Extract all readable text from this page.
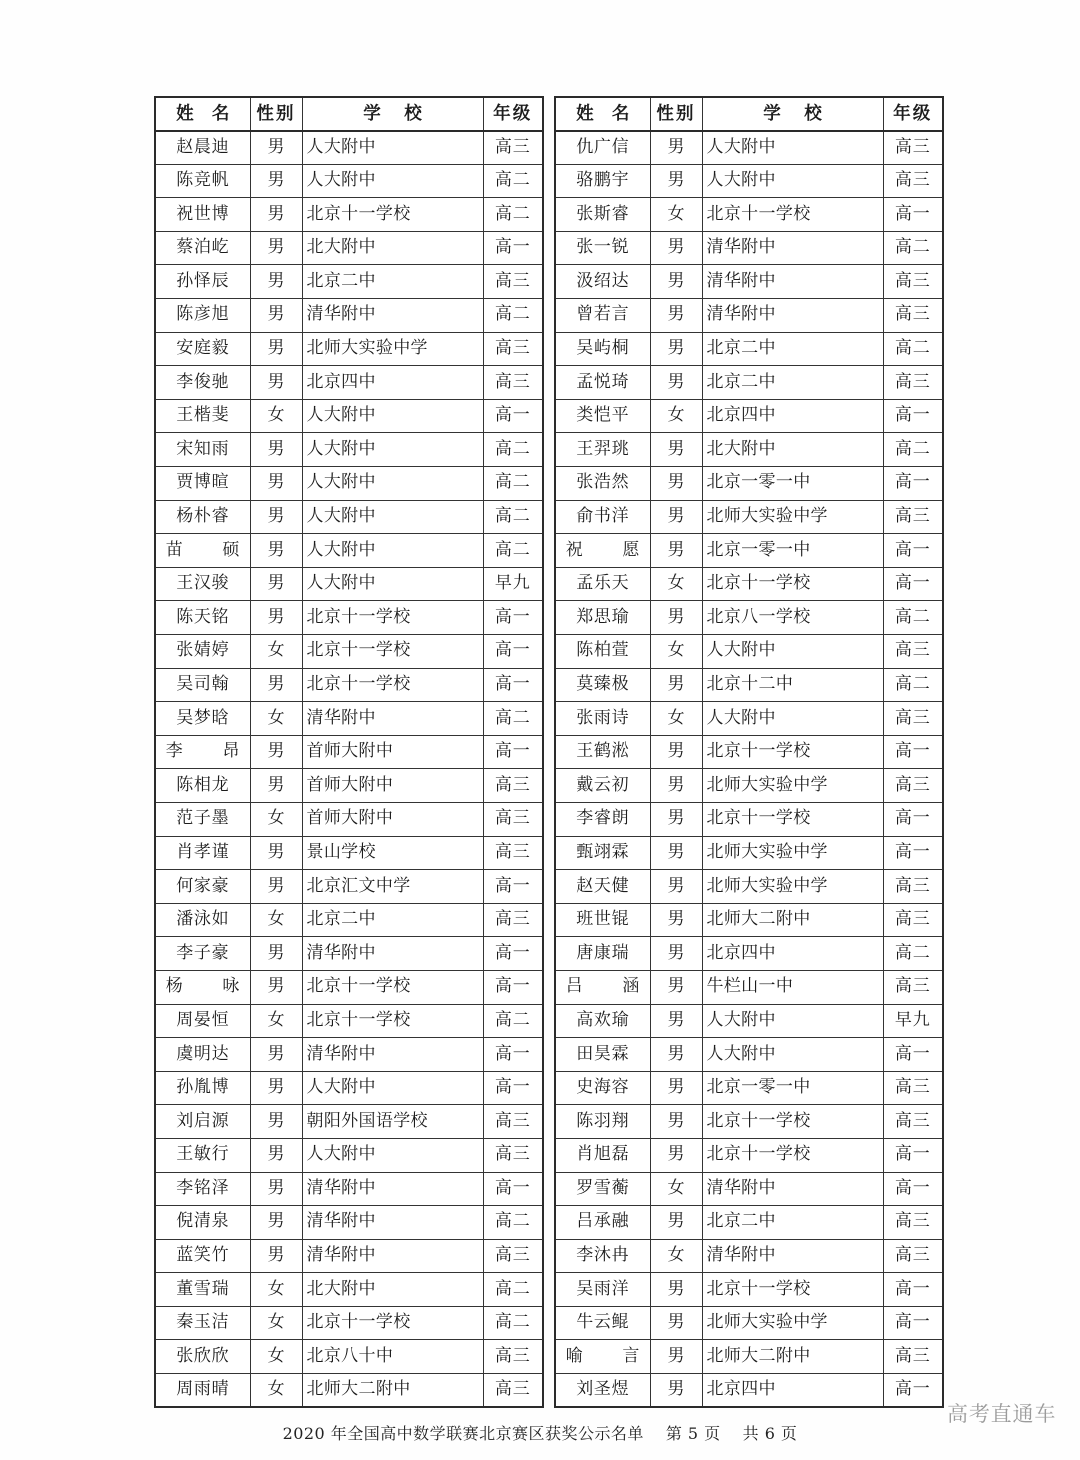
姓 名	性别	学 校	年级
赵晨迪	男	人大附中	高三
陈竞帆	男	人大附中	高二
祝世博	男	北京十一学校	高二
蔡泊屹	男	北大附中	高一
孙怿辰	男	北京二中	高三
陈彦旭	男	清华附中	高二
安庭毅	男	北师大实验中学	高三
李俊驰	男	北京四中	高三
王楷斐	女	人大附中	高一
宋知雨	男	人大附中	高二
贾博暄	男	人大附中	高二
杨朴睿	男	人大附中	高二

苗 硕	男	人大附中	高二
王汉骏	男	人大附中	早九
陈天铭	男	北京十一学校	高一
张婧婷	女	北京十一学校	高一
吴司翰	男	北京十一学校	高一
吴梦晗	女	清华附中	高二

李 昂	男	首师大附中	高一
陈相龙	男	首师大附中	高三
范子墨	女	首师大附中	高三
肖孝谨	男	景山学校	高三
何家豪	男	北京汇文中学	高一
潘泳如	女	北京二中	高三
李子豪	男	清华附中	高一

杨 咏	男	北京十一学校	高一
周晏恒	女	北京十一学校	高二
虞明达	男	清华附中	高一
孙胤博	男	人大附中	高一
刘启源	男	朝阳外国语学校	高三
王敏行	男	人大附中	高三
李铭泽	男	清华附中	高一
倪清泉	男	清华附中	高二
蓝笑竹	男	清华附中	高三
董雪瑞	女	北大附中	高二
秦玉洁	女	北京十一学校	高二
张欣欣	女	北京八十中	高三
周雨晴	女	北师大二附中	高三
姓 名	性别	学 校	年级
仇广信	男	人大附中	高三
骆鹏宇	男	人大附中	高三
张斯睿	女	北京十一学校	高一
张一锐	男	清华附中	高二
汲绍达	男	清华附中	高三
曾若言	男	清华附中	高三
吴屿桐	男	北京二中	高二
孟悦琦	男	北京二中	高三
类恺平	女	北京四中	高一
王羿珧	男	北大附中	高二
张浩然	男	北京一零一中	高一
俞书洋	男	北师大实验中学	高三

祝 愿	男	北京一零一中	高一
孟乐天	女	北京十一学校	高一
郑思瑜	男	北京八一学校	高二
陈柏萱	女	人大附中	高三
莫臻极	男	北京十二中	高二
张雨诗	女	人大附中	高三
王鹤淞	男	北京十一学校	高一
戴云初	男	北师大实验中学	高三
李睿朗	男	北京十一学校	高一
甄翊霖	男	北师大实验中学	高一
赵天健	男	北师大实验中学	高三
班世锟	男	北师大二附中	高三
唐康瑞	男	北京四中	高二

吕 涵	男	牛栏山一中	高三
高欢瑜	男	人大附中	早九
田昊霖	男	人大附中	高一
史海容	男	北京一零一中	高三
陈羽翔	男	北京十一学校	高三
肖旭磊	男	北京十一学校	高一
罗雪蘅	女	清华附中	高一
吕承融	男	北京二中	高三
李沐冉	女	清华附中	高三
吴雨洋	男	北京十一学校	高一
牛云鲲	男	北师大实验中学	高一

喻 言	男	北师大二附中	高三
刘圣煜	男	北京四中	高一
2020 年全国高中数学联赛北京赛区获奖公示名单 第 5 页 共 6 页
高考直通车
